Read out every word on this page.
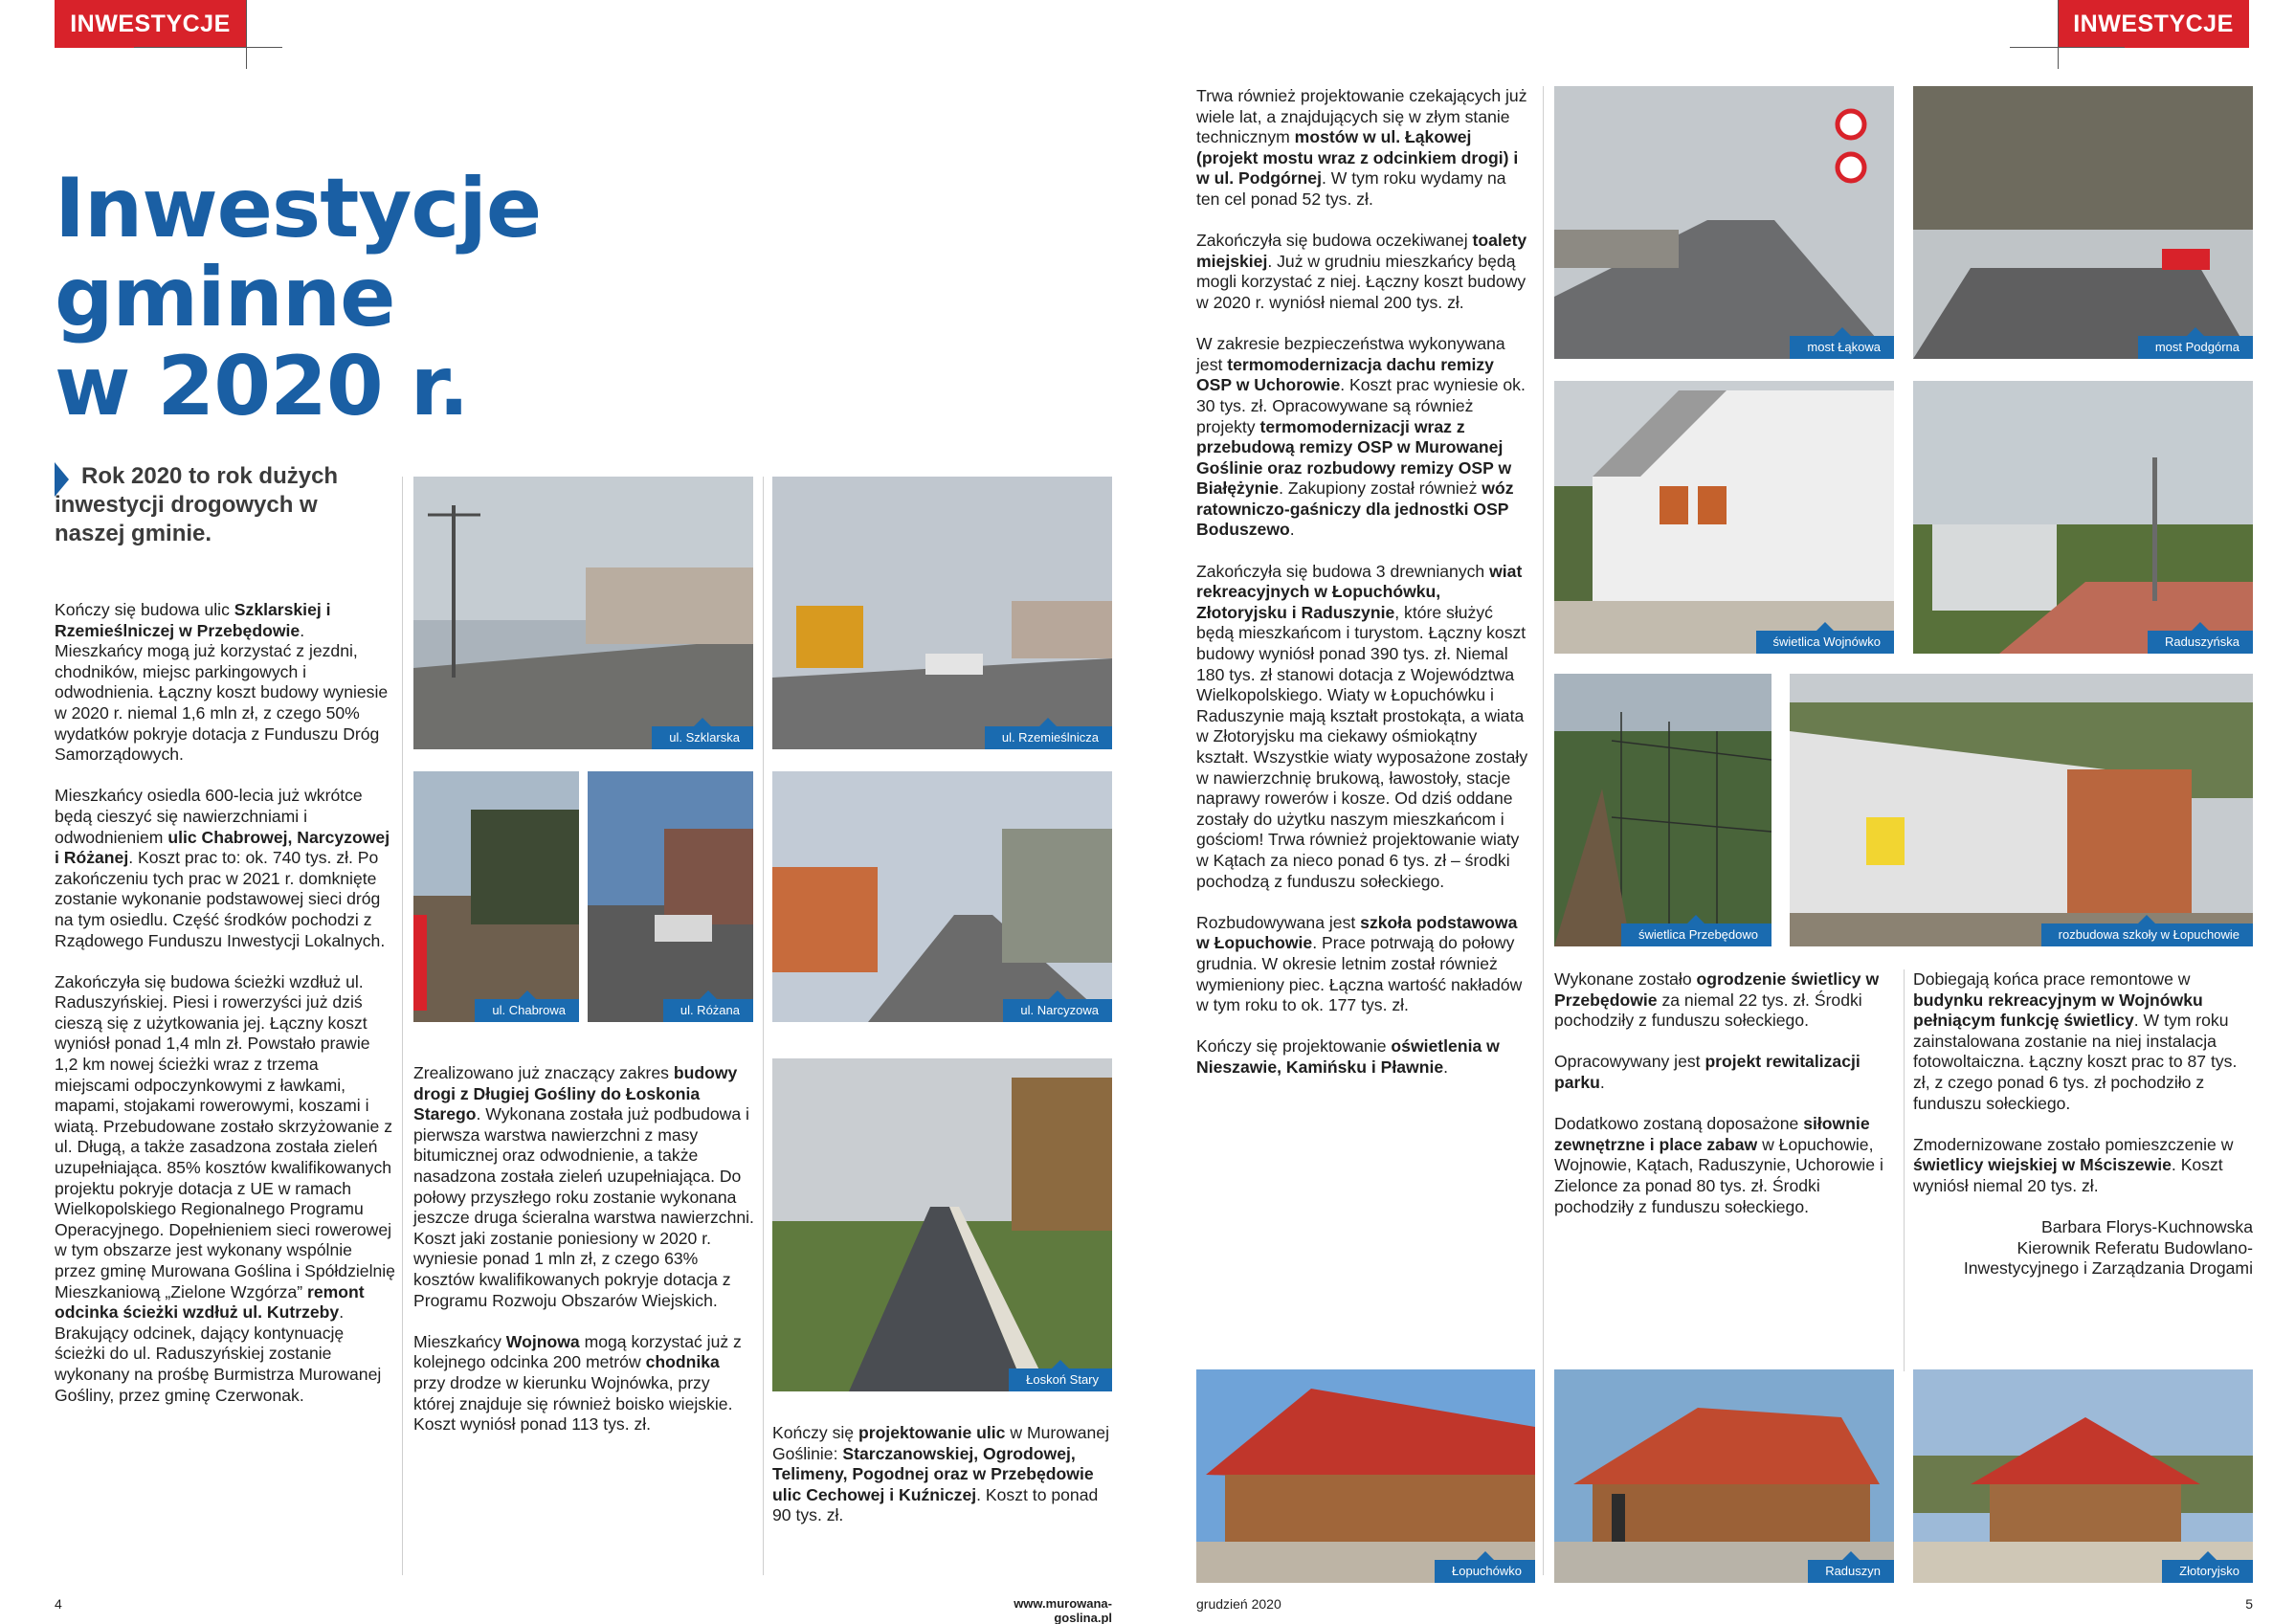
INWESTYCJE	INWESTYCJE
Inwestycje gminne
w 2020 r.

Rok 2020 to rok dużych inwestycji drogowych w naszej gminie.

Kończy się budowa ulic Szklarskiej i Rzemieślniczej w Przebędowie. Mieszkańcy mogą już korzystać z jezdni, chodników, miejsc parkingowych i odwodnienia. Łączny koszt budowy wyniesie w 2020 r. niemal 1,6 mln zł, z czego 50% wydatków pokryje dotacja z Funduszu Dróg Samorządowych.

Mieszkańcy osiedla 600-lecia już wkrótce będą cieszyć się nawierzchniami i odwodnieniem ulic Chabrowej, Narcyzowej i Różanej. Koszt prac to: ok. 740 tys. zł. Po zakończeniu tych prac w 2021 r. domknięte zostanie wykonanie podstawowej sieci dróg na tym osiedlu. Część środków pochodzi z Rządowego Funduszu Inwestycji Lokalnych.

Zakończyła się budowa ścieżki wzdłuż ul. Raduszyńskiej. Piesi i rowerzyści już dziś cieszą się z użytkowania jej. Łączny koszt wyniósł ponad 1,4 mln zł. Powstało prawie 1,2 km nowej ścieżki wraz z trzema miejscami odpoczynkowymi z ławkami, mapami, stojakami rowerowymi, koszami i wiatą. Przebudowane zostało skrzyżowanie z ul. Długą, a także zasadzona została zieleń uzupełniająca. 85% kosztów kwalifikowanych projektu pokryje dotacja z UE w ramach Wielkopolskiego Regionalnego Programu Operacyjnego. Dopełnieniem sieci rowerowej w tym obszarze jest wykonany wspólnie przez gminę Murowana Goślina i Spółdzielnię Mieszkaniową „Zielone Wzgórza” remont odcinka ścieżki wzdłuż ul. Kutrzeby. Brakujący odcinek, dający kontynuację ścieżki do ul. Raduszyńskiej zostanie wykonany na prośbę Burmistrza Murowanej Gośliny, przez gminę Czerwonak.

ul. Szklarska
ul. Chabrowa	ul. Różana

Zrealizowano już znaczący zakres budowy drogi z Długiej Gośliny do Łoskonia Starego. Wykonana została już podbudowa i pierwsza warstwa nawierzchni z masy bitumicznej oraz odwodnienie, a także nasadzona została zieleń uzupełniająca. Do połowy przyszłego roku zostanie wykonana jeszcze druga ścieralna warstwa nawierzchni. Koszt jaki zostanie poniesiony w 2020 r. wyniesie ponad 1 mln zł, z czego 63% kosztów kwalifikowanych pokryje dotacja z Programu Rozwoju Obszarów Wiejskich.

Mieszkańcy Wojnowa mogą korzystać już z kolejnego odcinka 200 metrów chodnika przy drodze w kierunku Wojnówka, przy której znajduje się również boisko wiejskie. Koszt wyniósł ponad 113 tys. zł.

ul. Rzemieślnicza
ul. Narcyzowa
Łoskoń Stary

Kończy się projektowanie ulic w Murowanej Goślinie: Starczanowskiej, Ogrodowej, Telimeny, Pogodnej oraz w Przebędowie ulic Cechowej i Kuźniczej. Koszt to ponad 90 tys. zł.

Trwa również projektowanie czekających już wiele lat, a znajdujących się w złym stanie technicznym mostów w ul. Łąkowej (projekt mostu wraz z odcinkiem drogi) i w ul. Podgórnej. W tym roku wydamy na ten cel ponad 52 tys. zł.

Zakończyła się budowa oczekiwanej toalety miejskiej. Już w grudniu mieszkańcy będą mogli korzystać z niej. Łączny koszt budowy w 2020 r. wyniósł niemal 200 tys. zł.

W zakresie bezpieczeństwa wykonywana jest termomodernizacja dachu remizy OSP w Uchorowie. Koszt prac wyniesie ok. 30 tys. zł. Opracowywane są również projekty termomodernizacji wraz z przebudową remizy OSP w Murowanej Goślinie oraz rozbudowy remizy OSP w Białężynie. Zakupiony został również wóz ratowniczo-gaśniczy dla jednostki OSP Boduszewo.

Zakończyła się budowa 3 drewnianych wiat rekreacyjnych w Łopuchówku, Złotoryjsku i Raduszynie, które służyć będą mieszkańcom i turystom. Łączny koszt budowy wyniósł ponad 390 tys. zł. Niemal 180 tys. zł stanowi dotacja z Województwa Wielkopolskiego. Wiaty w Łopuchówku i Raduszynie mają kształt prostokąta, a wiata w Złotoryjsku ma ciekawy ośmiokątny kształt. Wszystkie wiaty wyposażone zostały w nawierzchnię brukową, ławostoły, stacje naprawy rowerów i kosze. Od dziś oddane zostały do użytku naszym mieszkańcom i gościom! Trwa również projektowanie wiaty w Kątach za nieco ponad 6 tys. zł – środki pochodzą z funduszu sołeckiego.

Rozbudowywana jest szkoła podstawowa w Łopuchowie. Prace potrwają do połowy grudnia. W okresie letnim został również wymieniony piec. Łączna wartość nakładów w tym roku to ok. 177 tys. zł.

Kończy się projektowanie oświetlenia w Nieszawie, Kamińsku i Pławnie.

most Łąkowa	most Podgórna
świetlica Wojnówko	Raduszyńska
świetlica Przebędowo	rozbudowa szkoły w Łopuchowie

Wykonane zostało ogrodzenie świetlicy w Przebędowie za niemal 22 tys. zł. Środki pochodziły z funduszu sołeckiego.

Opracowywany jest projekt rewitalizacji parku.

Dodatkowo zostaną doposażone siłownie zewnętrzne i place zabaw w Łopuchowie, Wojnowie, Kątach, Raduszynie, Uchorowie i Zielonce za ponad 80 tys. zł. Środki pochodziły z funduszu sołeckiego.

Dobiegają końca prace remontowe w budynku rekreacyjnym w Wojnówku pełniącym funkcję świetlicy. W tym roku zainstalowana zostanie na niej instalacja fotowoltaiczna. Łączny koszt prac to 87 tys. zł, z czego ponad 6 tys. zł pochodziło z funduszu sołeckiego.

Zmodernizowane zostało pomieszczenie w świetlicy wiejskiej w Mściszewie. Koszt wyniósł niemal 20 tys. zł.

Barbara Florys-Kuchnowska
Kierownik Referatu Budowlano-
Inwestycyjnego i Zarządzania Drogami
Łopuchówko	Raduszyn	Złotoryjsko
4	www.murowana-goslina.pl
grudzień 2020	5
